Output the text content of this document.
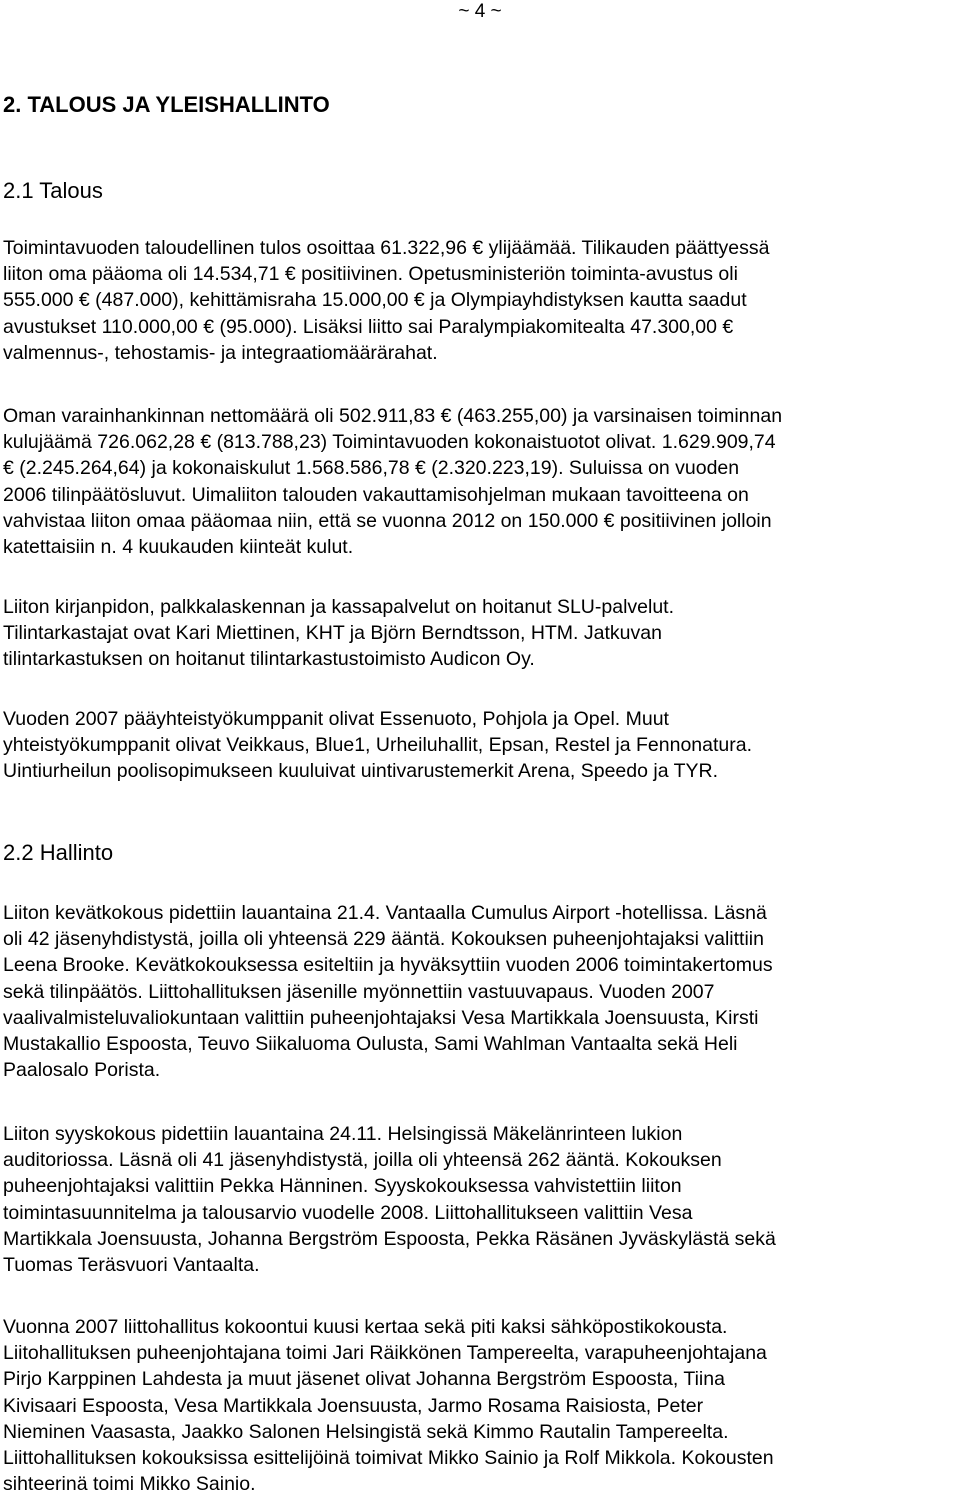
~ 4 ~
2. TALOUS JA YLEISHALLINTO
2.1 Talous

Toimintavuoden taloudellinen tulos osoittaa 61.322,96 € ylijäämää. Tilikauden päättyessä
liiton oma pääoma oli 14.534,71 € positiivinen. Opetusministeriön toiminta-avustus oli
555.000 € (487.000), kehittämisraha 15.000,00 € ja Olympiayhdistyksen kautta saadut
avustukset 110.000,00 € (95.000). Lisäksi liitto sai Paralympiakomitealta 47.300,00 €
valmennus-, tehostamis- ja integraatiomäärärahat.

Oman varainhankinnan nettomäärä oli 502.911,83 € (463.255,00) ja varsinaisen toiminnan
kulujäämä 726.062,28 € (813.788,23) Toimintavuoden kokonaistuotot olivat. 1.629.909,74
€ (2.245.264,64) ja kokonaiskulut 1.568.586,78 € (2.320.223,19). Suluissa on vuoden
2006 tilinpäätösluvut. Uimaliiton talouden vakauttamisohjelman mukaan tavoitteena on
vahvistaa liiton omaa pääomaa niin, että se vuonna 2012 on 150.000 € positiivinen jolloin
katettaisiin n. 4 kuukauden kiinteät kulut.

Liiton kirjanpidon, palkkalaskennan ja kassapalvelut on hoitanut SLU-palvelut.
Tilintarkastajat ovat Kari Miettinen, KHT ja Björn Berndtsson, HTM. Jatkuvan
tilintarkastuksen on hoitanut tilintarkastustoimisto Audicon Oy.

Vuoden 2007 pääyhteistyökumppanit olivat Essenuoto, Pohjola ja Opel. Muut
yhteistyökumppanit olivat Veikkaus, Blue1, Urheiluhallit, Epsan, Restel ja Fennonatura.
Uintiurheilun poolisopimukseen kuuluivat uintivarustemerkit Arena, Speedo ja TYR.

2.2 Hallinto

Liiton kevätkokous pidettiin lauantaina 21.4. Vantaalla Cumulus Airport -hotellissa. Läsnä
oli 42 jäsenyhdistystä, joilla oli yhteensä 229 ääntä. Kokouksen puheenjohtajaksi valittiin
Leena Brooke. Kevätkokouksessa esiteltiin ja hyväksyttiin vuoden 2006 toimintakertomus
sekä tilinpäätös. Liittohallituksen jäsenille myönnettiin vastuuvapaus. Vuoden 2007
vaalivalmisteluvaliokuntaan valittiin puheenjohtajaksi Vesa Martikkala Joensuusta, Kirsti
Mustakallio Espoosta, Teuvo Siikaluoma Oulusta, Sami Wahlman Vantaalta sekä Heli
Paalosalo Porista.

Liiton syyskokous pidettiin lauantaina 24.11. Helsingissä Mäkelänrinteen lukion
auditoriossa. Läsnä oli 41 jäsenyhdistystä, joilla oli yhteensä 262 ääntä. Kokouksen
puheenjohtajaksi valittiin Pekka Hänninen. Syyskokouksessa vahvistettiin liiton
toimintasuunnitelma ja talousarvio vuodelle 2008. Liittohallitukseen valittiin Vesa
Martikkala Joensuusta, Johanna Bergström Espoosta, Pekka Räsänen Jyväskylästä sekä
Tuomas Teräsvuori Vantaalta.

Vuonna 2007 liittohallitus kokoontui kuusi kertaa sekä piti kaksi sähköpostikokousta.
Liitohallituksen puheenjohtajana toimi Jari Räikkönen Tampereelta, varapuheenjohtajana
Pirjo Karppinen Lahdesta ja muut jäsenet olivat Johanna Bergström Espoosta, Tiina
Kivisaari Espoosta, Vesa Martikkala Joensuusta, Jarmo Rosama Raisiosta, Peter
Nieminen Vaasasta, Jaakko Salonen Helsingistä sekä Kimmo Rautalin Tampereelta.
Liittohallituksen kokouksissa esittelijöinä toimivat Mikko Sainio ja Rolf Mikkola. Kokousten
sihteerinä toimi Mikko Sainio.
